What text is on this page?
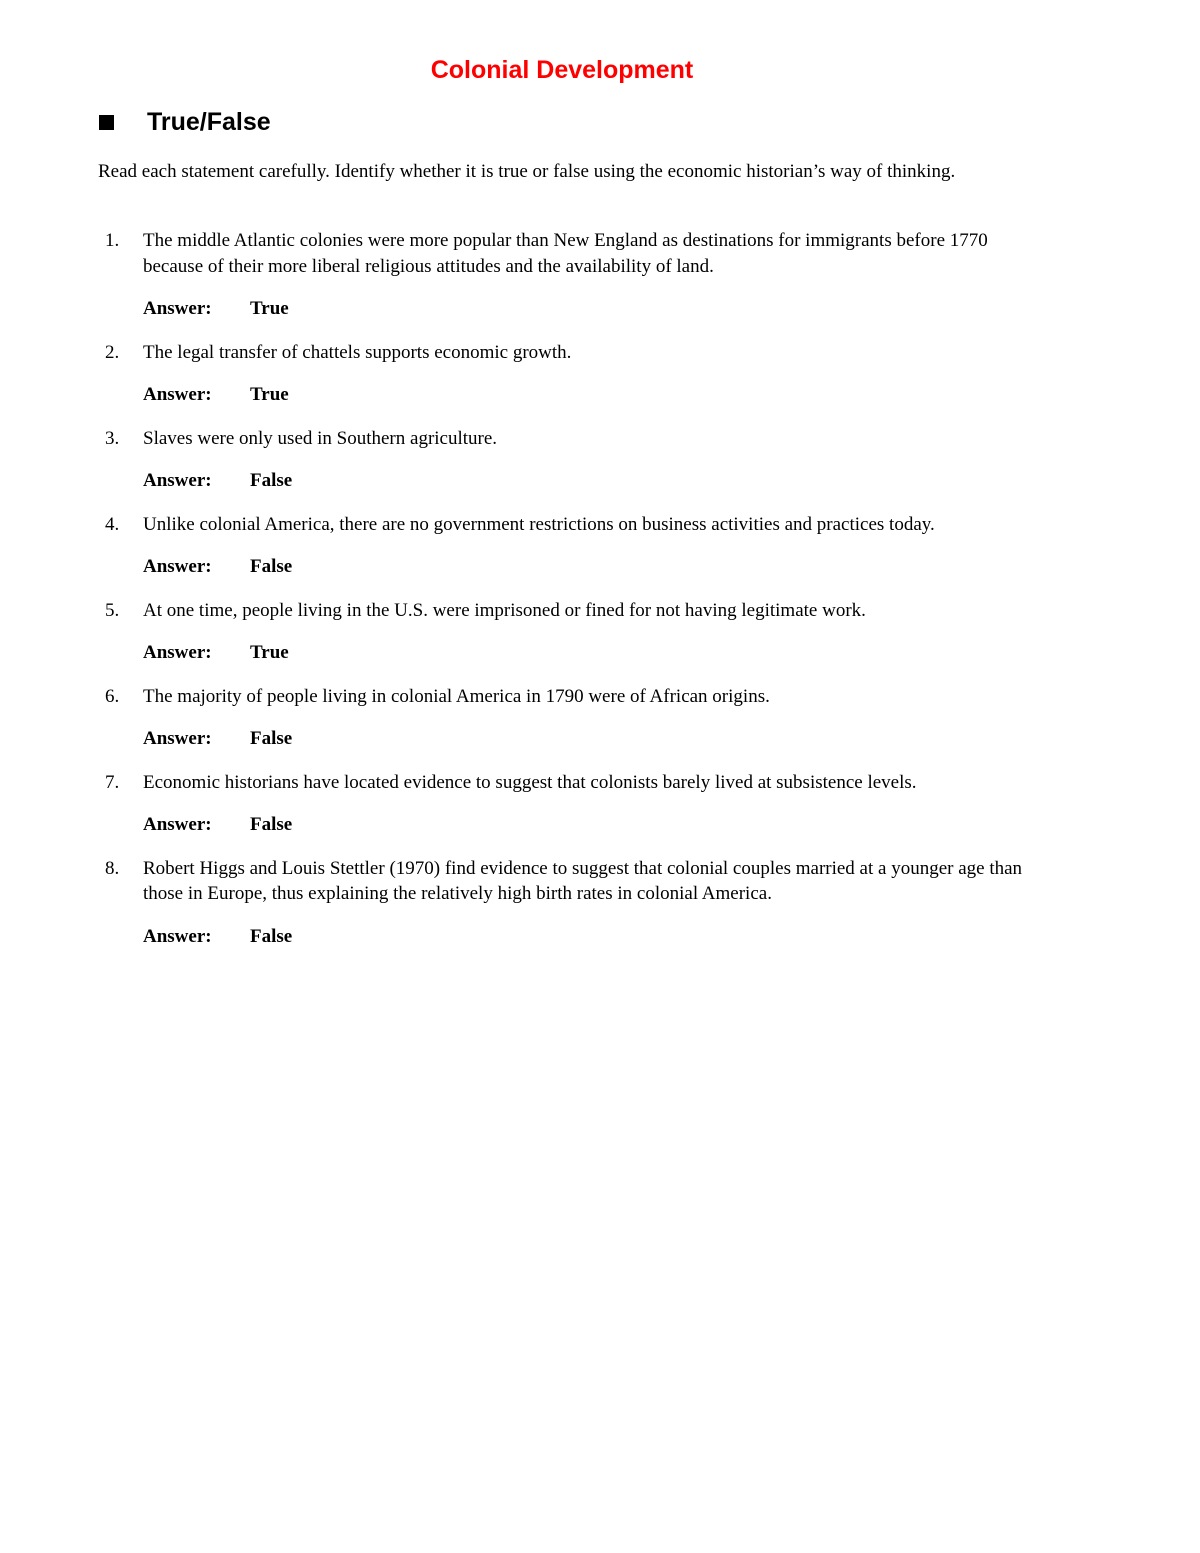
Colonial Development
True/False

Read each statement carefully. Identify whether it is true or false using the economic historian’s way of thinking.

1.	The middle Atlantic colonies were more popular than New England as destinations for immigrants before 1770 because of their more liberal religious attitudes and the availability of land.
Answer:	True
2.	The legal transfer of chattels supports economic growth.
Answer:	True
3.	Slaves were only used in Southern agriculture.
Answer:	False
4.	Unlike colonial America, there are no government restrictions on business activities and practices today.
Answer:	False
5.	At one time, people living in the U.S. were imprisoned or fined for not having legitimate work.
Answer:	True
6.	The majority of people living in colonial America in 1790 were of African origins.
Answer:	False
7.	Economic historians have located evidence to suggest that colonists barely lived at subsistence levels.
Answer:	False
8.	Robert Higgs and Louis Stettler (1970) find evidence to suggest that colonial couples married at a younger age than those in Europe, thus explaining the relatively high birth rates in colonial America.
Answer:	False
